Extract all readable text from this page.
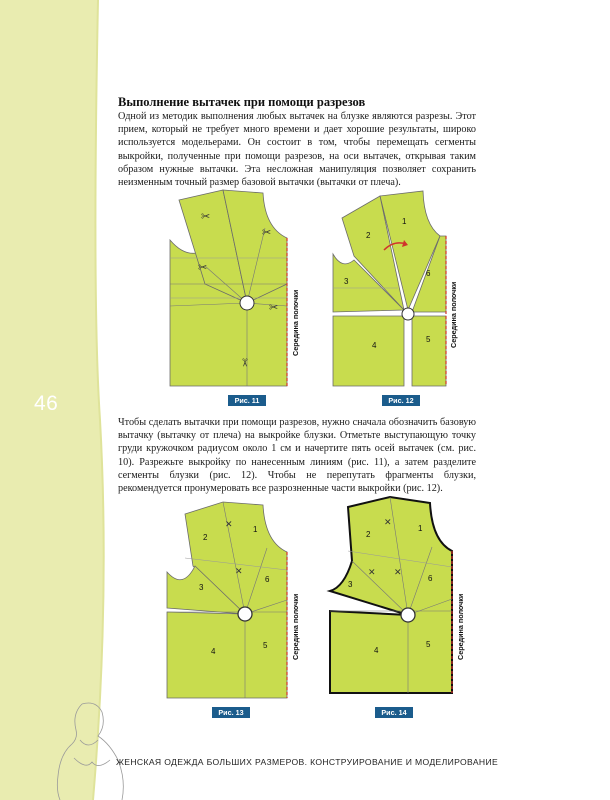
46
Выполнение вытачек при помощи разрезов

Одной из методик выполнения любых вытачек на блузке являются разрезы. Этот прием, который не требует много времени и дает хорошие результаты, широко используется модельерами. Он состоит в том, чтобы перемещать сегменты выкройки, полученные при помощи разрезов, на оси вытачек, открывая таким образом нужные вытачки. Эта несложная манипуляция позволяет сохранить неизменным точный размер базовой вытачки (вытачки от плеча).

✂
✂
✂
✂
✂
Середина полочки
Рис. 11
1
2
3
4
5
6
Середина полочки
Рис. 12

Чтобы сделать вытачки при помощи разрезов, нужно сначала обозначить базовую вытачку (вытачку от плеча) на выкройке блузки. Отметьте выступающую точку груди кружочком радиусом около 1 см и начертите пять осей вытачек (см. рис. 10). Разрежьте выкройку по нанесенным линиям (рис. 11), а затем разделите сегменты блузки (рис. 12). Чтобы не перепутать фрагменты блузки, рекомендуется пронумеровать все разрозненные части выкройки (рис. 12).

✕
✕
1
2
3
4
5
6
Середина полочки
Рис. 13
✕
✕ ✕
1
2
3
4
5
6
Середина полочки
Рис. 14
ЖЕНСКАЯ ОДЕЖДА БОЛЬШИХ РАЗМЕРОВ. КОНСТРУИРОВАНИЕ И МОДЕЛИРОВАНИЕ
